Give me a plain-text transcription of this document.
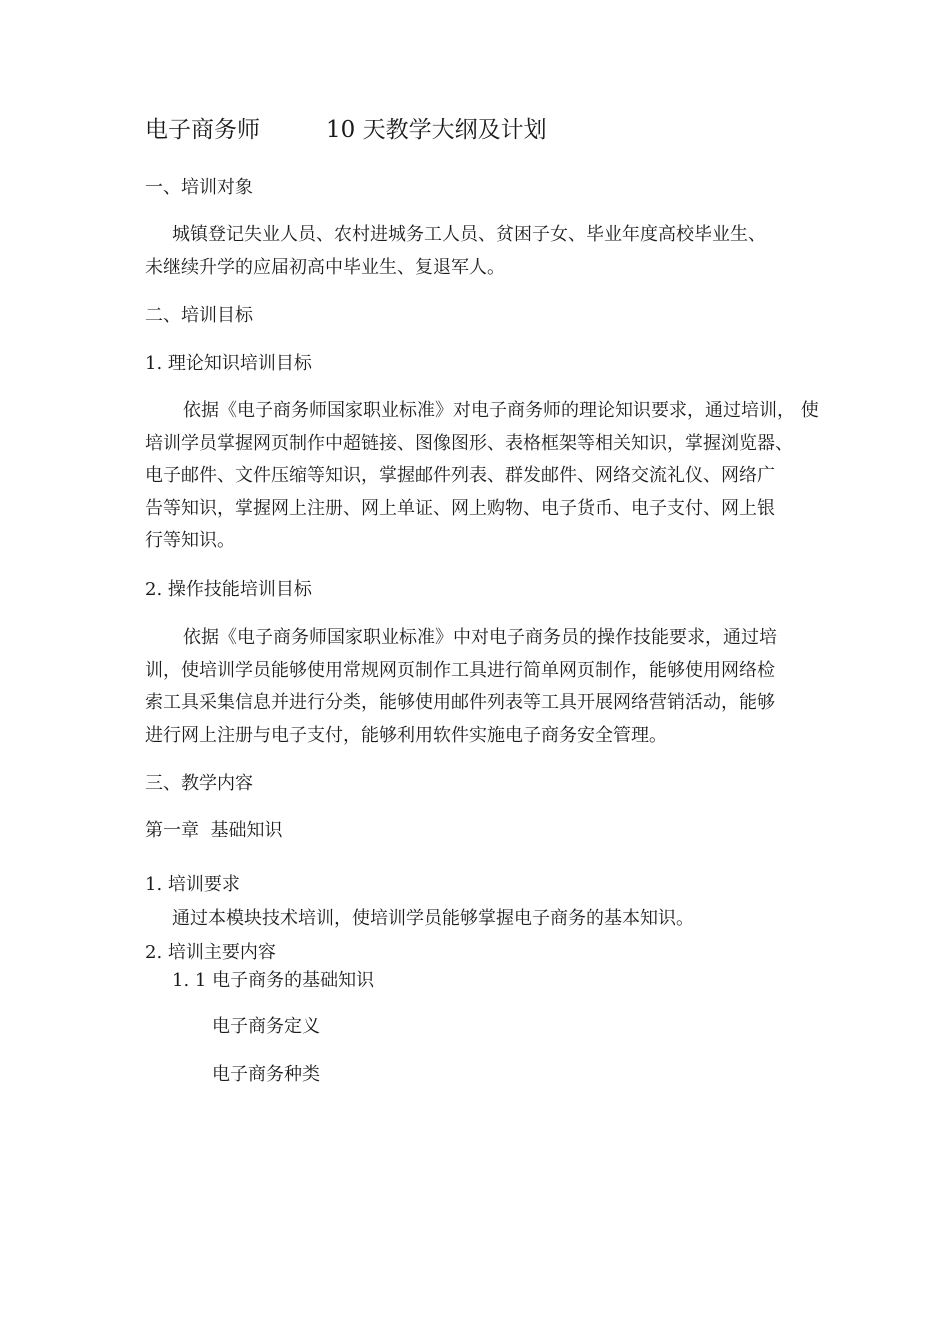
电子商务师	10 天教学大纲及计划
一、培训对象
城镇登记失业人员、农村进城务工人员、贫困子女、毕业年度高校毕业生、
未继续升学的应届初高中毕业生、复退军人。
二、培训目标
1. 理论知识培训目标
依据《电子商务师国家职业标准》对电子商务师的理论知识要求，通过培训， 使
培训学员掌握网页制作中超链接、图像图形、表格框架等相关知识，掌握浏览器、
电子邮件、文件压缩等知识，掌握邮件列表、群发邮件、网络交流礼仪、网络广
告等知识，掌握网上注册、网上单证、网上购物、电子货币、电子支付、网上银
行等知识。
2. 操作技能培训目标
依据《电子商务师国家职业标准》中对电子商务员的操作技能要求，通过培
训，使培训学员能够使用常规网页制作工具进行简单网页制作，能够使用网络检
索工具采集信息并进行分类，能够使用邮件列表等工具开展网络营销活动，能够
进行网上注册与电子支付，能够利用软件实施电子商务安全管理。
三、教学内容
第一章  基础知识
1. 培训要求
通过本模块技术培训，使培训学员能够掌握电子商务的基本知识。
2. 培训主要内容
1. 1 电子商务的基础知识
电子商务定义
电子商务种类
